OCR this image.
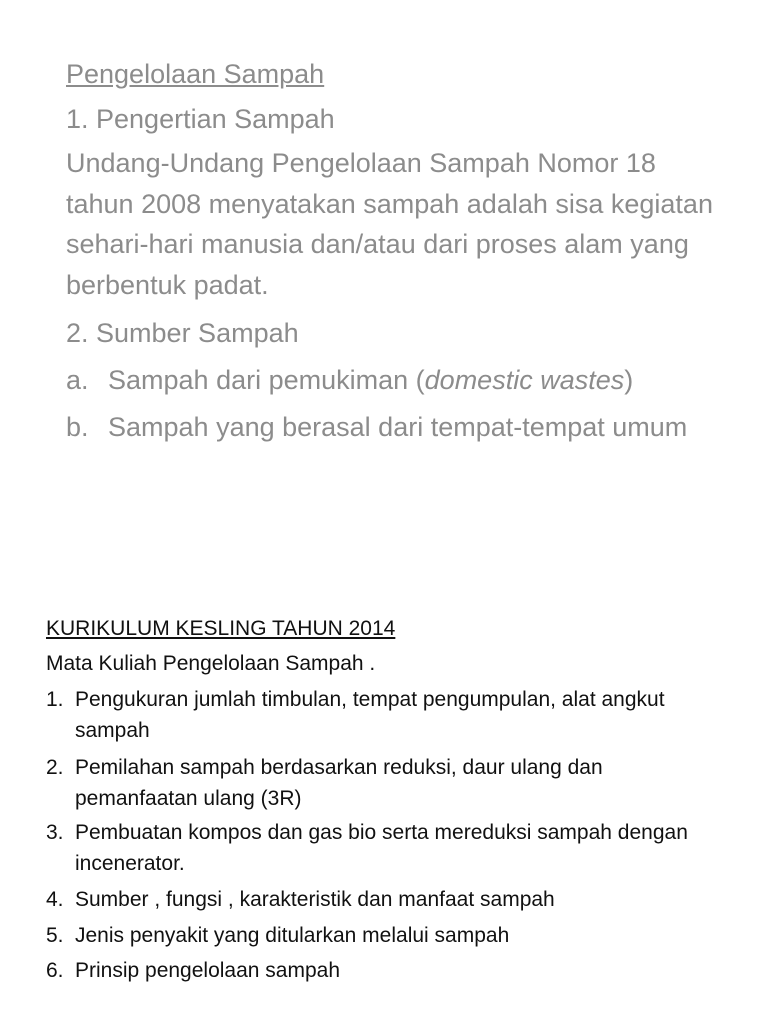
Pengelolaan Sampah
1. Pengertian Sampah
Undang-Undang Pengelolaan Sampah Nomor 18 tahun 2008 menyatakan sampah adalah sisa kegiatan sehari-hari manusia dan/atau dari proses alam yang berbentuk padat.
2. Sumber Sampah
a. Sampah dari pemukiman (domestic wastes)
b. Sampah yang berasal dari tempat-tempat umum
KURIKULUM KESLING TAHUN 2014
Mata Kuliah Pengelolaan Sampah .
1. Pengukuran jumlah timbulan, tempat pengumpulan, alat angkut sampah
2. Pemilahan sampah berdasarkan reduksi, daur ulang dan pemanfaatan ulang (3R)
3. Pembuatan kompos dan gas bio serta mereduksi sampah dengan incenerator.
4. Sumber , fungsi , karakteristik dan manfaat sampah
5. Jenis penyakit yang ditularkan melalui sampah
6. Prinsip pengelolaan sampah
